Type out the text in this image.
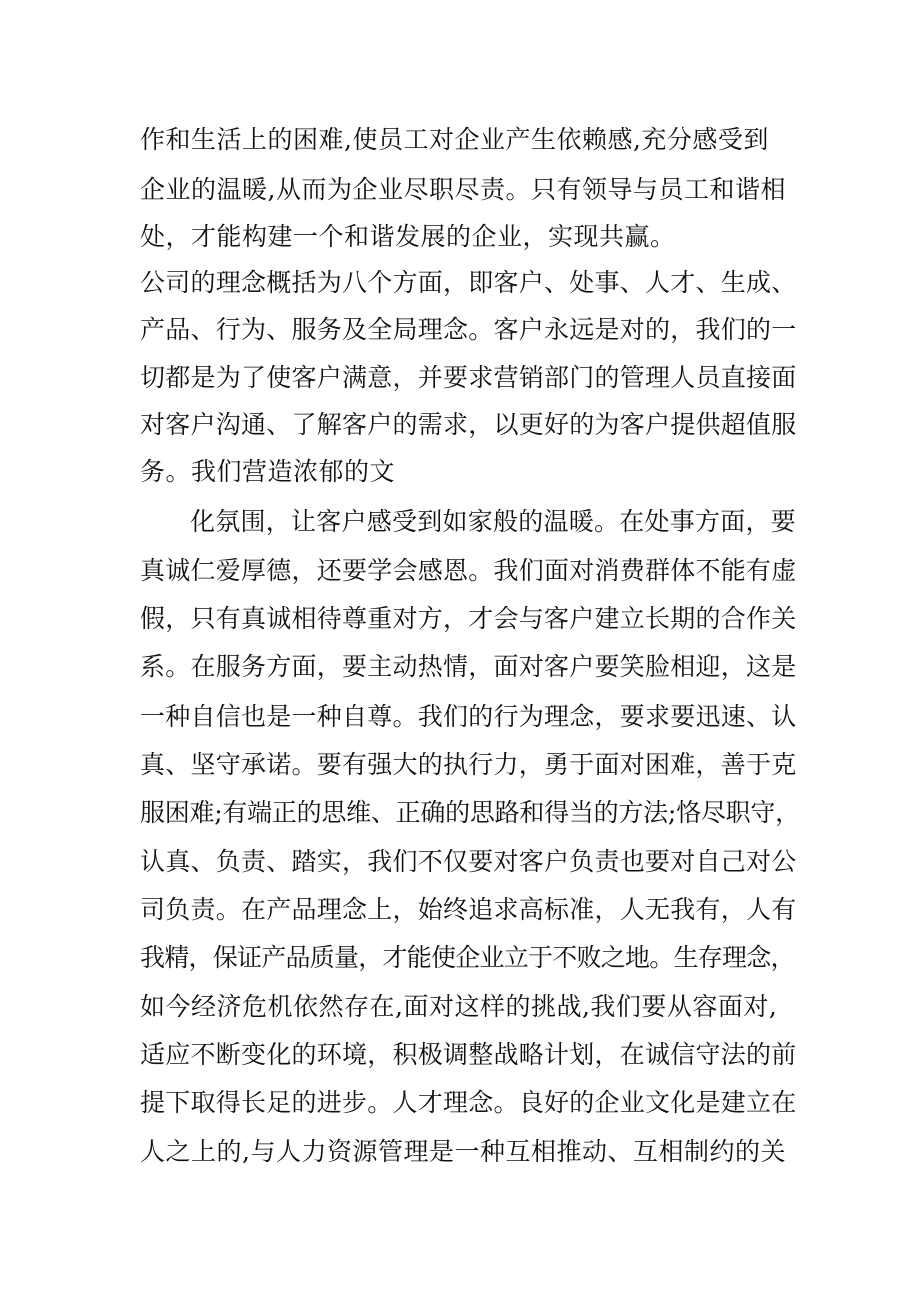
作和生活上的困难,使员工对企业产生依赖感,充分感受到
企业的温暖,从而为企业尽职尽责。只有领导与员工和谐相
处，才能构建一个和谐发展的企业，实现共赢。
公司的理念概括为八个方面，即客户、处事、人才、生成、
产品、行为、服务及全局理念。客户永远是对的，我们的一
切都是为了使客户满意，并要求营销部门的管理人员直接面
对客户沟通、了解客户的需求，以更好的为客户提供超值服
务。我们营造浓郁的文
化氛围，让客户感受到如家般的温暖。在处事方面，要
真诚仁爱厚德，还要学会感恩。我们面对消费群体不能有虚
假，只有真诚相待尊重对方，才会与客户建立长期的合作关
系。在服务方面，要主动热情，面对客户要笑脸相迎，这是
一种自信也是一种自尊。我们的行为理念，要求要迅速、认
真、坚守承诺。要有强大的执行力，勇于面对困难，善于克
服困难;有端正的思维、正确的思路和得当的方法;恪尽职守，
认真、负责、踏实，我们不仅要对客户负责也要对自己对公
司负责。在产品理念上，始终追求高标准，人无我有，人有
我精，保证产品质量，才能使企业立于不败之地。生存理念，
如今经济危机依然存在,面对这样的挑战,我们要从容面对,
适应不断变化的环境，积极调整战略计划，在诚信守法的前
提下取得长足的进步。人才理念。良好的企业文化是建立在
人之上的,与人力资源管理是一种互相推动、互相制约的关
